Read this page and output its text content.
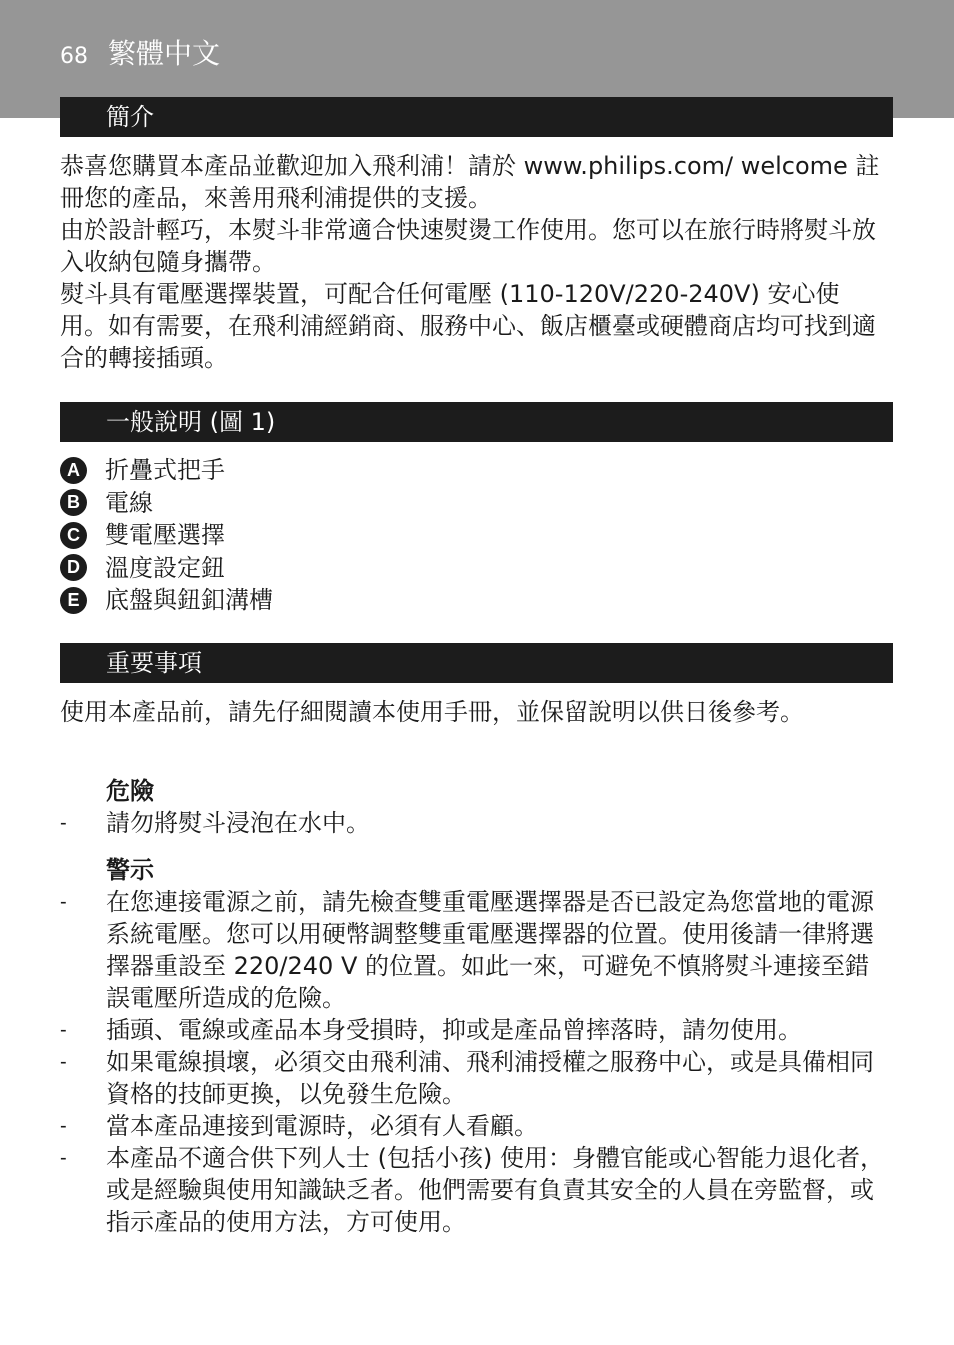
68 繁體中文
簡介

恭喜您購買本產品並歡迎加入飛利浦！請於 www.philips.com/ welcome 註冊您的產品，來善用飛利浦提供的支援。

由於設計輕巧，本熨斗非常適合快速熨燙工作使用。您可以在旅行時將熨斗放入收納包隨身攜帶。

熨斗具有電壓選擇裝置，可配合任何電壓 (110-120V/220-240V) 安心使用。如有需要，在飛利浦經銷商、服務中心、飯店櫃臺或硬體商店均可找到適合的轉接插頭。

一般說明 (圖 1)
A 折疊式把手
B 電線
C 雙電壓選擇
D 溫度設定鈕
E	底盤與鈕釦溝槽
重要事項

使用本產品前，請先仔細閱讀本使用手冊，並保留說明以供日後參考。

危險
-	請勿將熨斗浸泡在水中。
警示
-	在您連接電源之前，請先檢查雙重電壓選擇器是否已設定為您當地的電源系統電壓。您可以用硬幣調整雙重電壓選擇器的位置。使用後請一律將選擇器重設至 220/240 V 的位置。如此一來，可避免不慎將熨斗連接至錯誤電壓所造成的危險。
-	插頭、電線或產品本身受損時，抑或是產品曾摔落時，請勿使用。
-	如果電線損壞，必須交由飛利浦、飛利浦授權之服務中心，或是具備相同資格的技師更換，以免發生危險。
-	當本產品連接到電源時，必須有人看顧。
-	本產品不適合供下列人士 (包括小孩) 使用：身體官能或心智能力退化者，或是經驗與使用知識缺乏者。他們需要有負責其安全的人員在旁監督，或指示產品的使用方法，方可使用。
